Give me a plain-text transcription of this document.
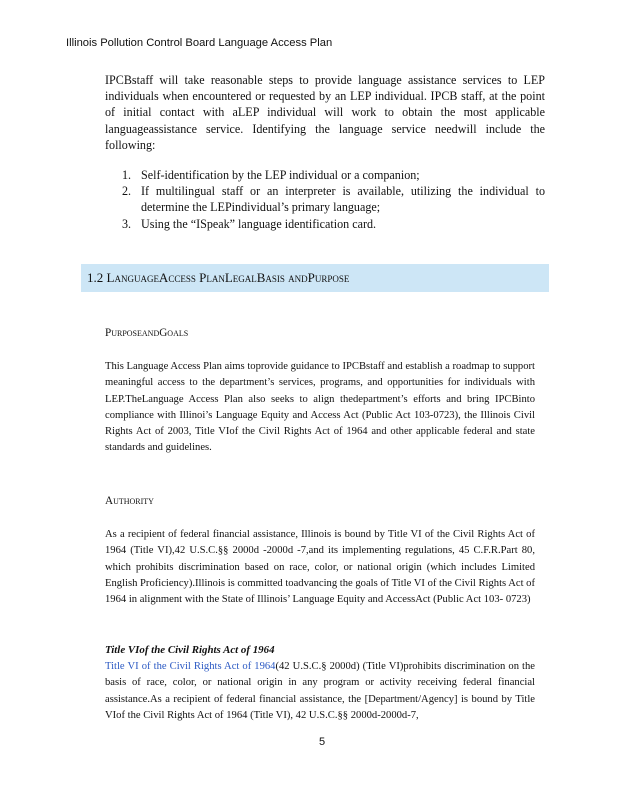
Illinois Pollution Control Board Language Access Plan

IPCBstaff will take reasonable steps to provide language assistance services to LEP individuals when encountered or requested by an LEP individual. IPCB staff, at the point of initial contact with aLEP individual will work to obtain the most applicable languageassistance service. Identifying the language service needwill include the following:

1. Self-identification by the LEP individual or a companion;
2. If multilingual staff or an interpreter is available, utilizing the individual to determine the LEPindividual’s primary language;
3. Using the “ISpeak” language identification card.
1.2 LanguageAccess PlanLegalBasis andPurpose
PurposeandGoals

This Language Access Plan aims toprovide guidance to IPCBstaff and establish a roadmap to support meaningful access to the department’s services, programs, and opportunities for individuals with LEP.TheLanguage Access Plan also seeks to align thedepartment’s efforts and bring IPCBinto compliance with Illinoi’s Language Equity and Access Act (Public Act 103-0723), the Illinois Civil Rights Act of 2003, Title VIof the Civil Rights Act of 1964 and other applicable federal and state standards and guidelines.

Authority

As a recipient of federal financial assistance, Illinois is bound by Title VI of the Civil Rights Act of 1964 (Title VI),42 U.S.C.§§ 2000d -2000d -7,and its implementing regulations, 45 C.F.R.Part 80, which prohibits discrimination based on race, color, or national origin (which includes Limited English Proficiency).Illinois is committed toadvancing the goals of Title VI of the Civil Rights Act of 1964 in alignment with the State of Illinois’ Language Equity and AccessAct (Public Act 103- 0723)

Title VIof the Civil Rights Act of 1964

Title VI of the Civil Rights Act of 1964(42 U.S.C.§ 2000d) (Title VI)prohibits discrimination on the basis of race, color, or national origin in any program or activity receiving federal financial assistance.As a recipient of federal financial assistance, the [Department/Agency] is bound by Title VIof the Civil Rights Act of 1964 (Title VI), 42 U.S.C.§§ 2000d-2000d-7,

5
